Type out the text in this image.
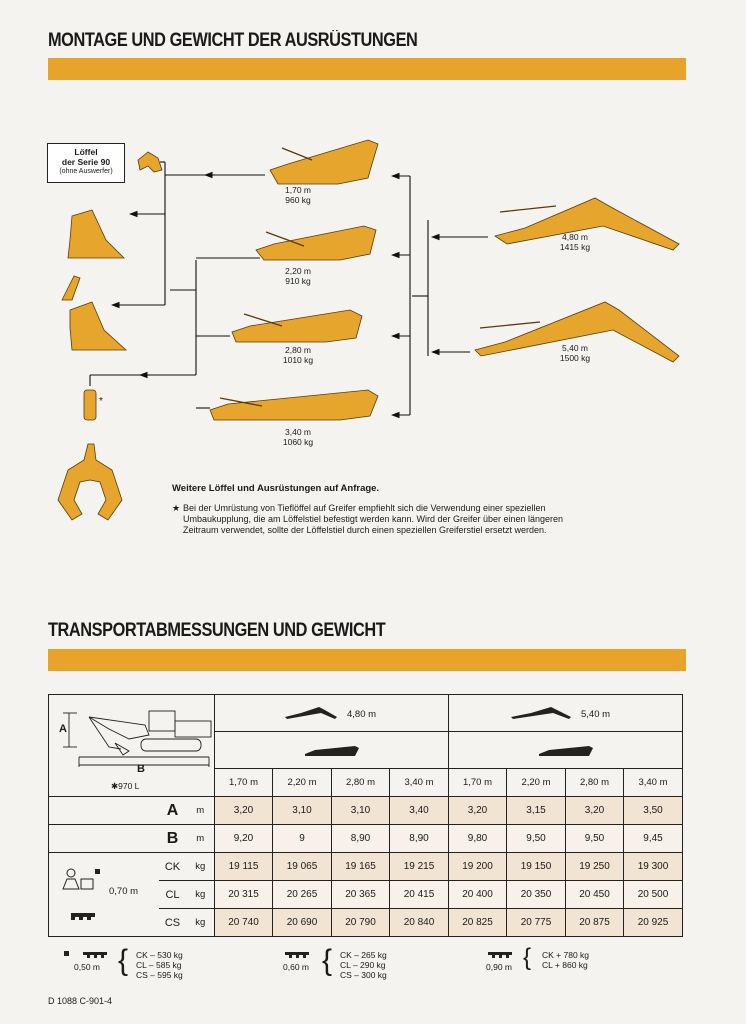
MONTAGE UND GEWICHT DER AUSRÜSTUNGEN
Löffel
der Serie 90
(ohne Auswerfer)
1,70 m
960 kg
2,20 m
910 kg
2,80 m
1010 kg
3,40 m
1060 kg
4,80 m
1415 kg
5,40 m
1500 kg
*
Weitere Löffel und Ausrüstungen auf Anfrage.
★ Bei der Umrüstung von Tieflöffel auf Greifer empfiehlt sich die Verwendung einer speziellen
Umbaukupplung, die am Löffelstiel befestigt werden kann. Wird der Greifer über einen längeren
Zeitraum verwendet, sollte der Löffelstiel durch einen speziellen Greiferstiel ersetzt werden.
TRANSPORTABMESSUNGEN UND GEWICHT
A
B
✱970 L			4,80 m				5,40 m			

			1,70 m	2,20 m	2,80 m	3,40 m	1,70 m	2,20 m	2,80 m	3,40 m
	A	m	3,20	3,10	3,10	3,40	3,20	3,15	3,20	3,50
	B	m	9,20	9	8,90	8,90	9,80	9,50	9,50	9,45

0,70 m	CK	kg	19 115	19 065	19 165	19 215	19 200	19 150	19 250	19 300
	CL	kg	20 315	20 265	20 365	20 415	20 400	20 350	20 450	20 500
	CS	kg	20 740	20 690	20 790	20 840	20 825	20 775	20 875	20 925
0,50 m { CK – 530 kg
CL – 585 kg
CS – 595 kg
0,60 m { CK – 265 kg
CL – 290 kg
CS – 300 kg
0,90 m { CK + 780 kg
CL + 860 kg
D 1088 C-901-4
